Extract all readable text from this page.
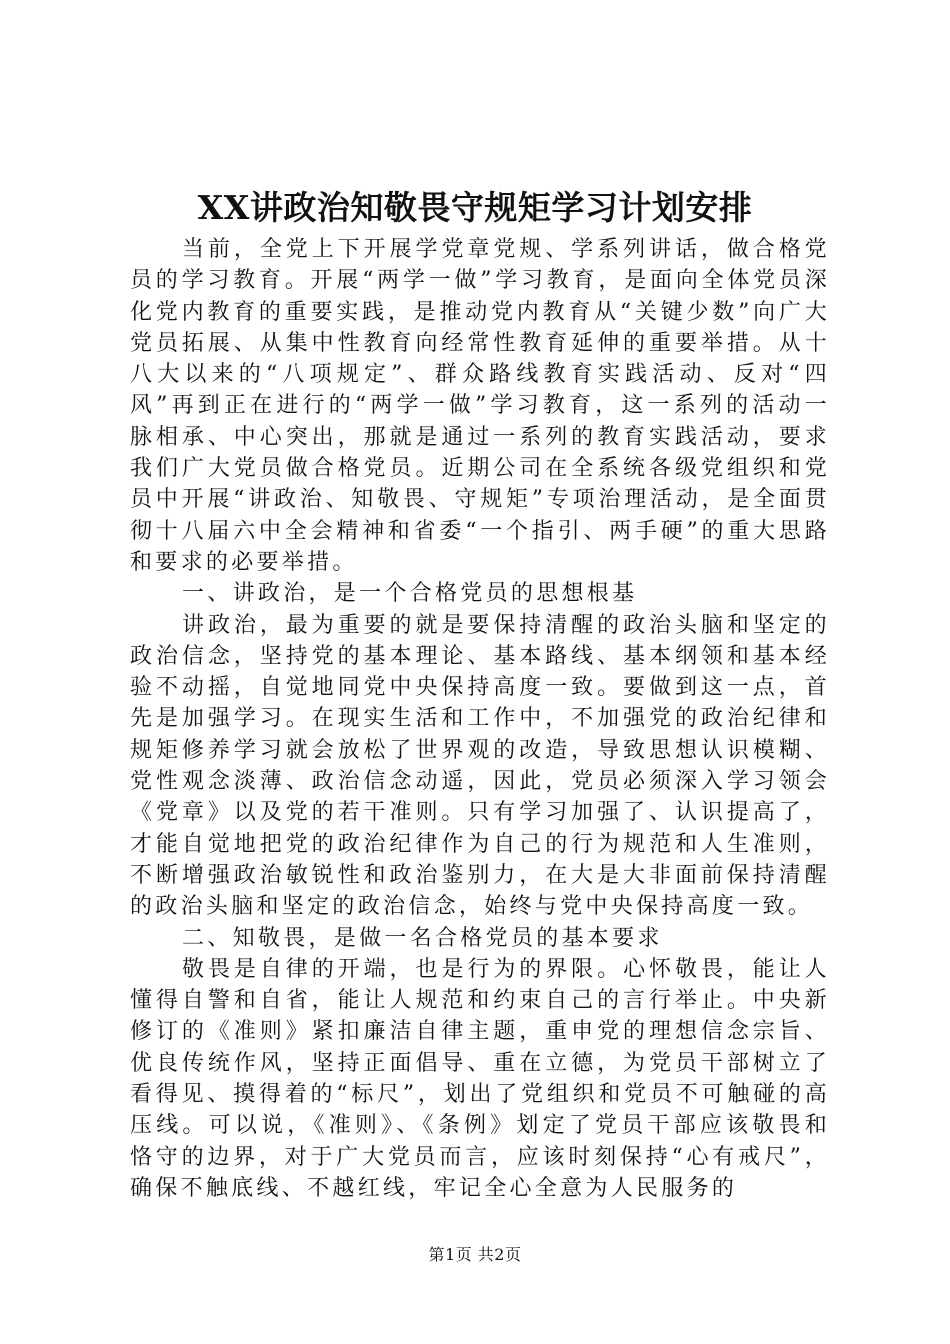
XX讲政治知敬畏守规矩学习计划安排

当前，全党上下开展学党章党规、学系列讲话，做合格党员的学习教育。开展“两学一做”学习教育，是面向全体党员深化党内教育的重要实践，是推动党内教育从“关键少数”向广大党员拓展、从集中性教育向经常性教育延伸的重要举措。从十八大以来的“八项规定”、群众路线教育实践活动、反对“四风”再到正在进行的“两学一做”学习教育，这一系列的活动一脉相承、中心突出，那就是通过一系列的教育实践活动，要求我们广大党员做合格党员。近期公司在全系统各级党组织和党员中开展“讲政治、知敬畏、守规矩”专项治理活动，是全面贯彻十八届六中全会精神和省委“一个指引、两手硬”的重大思路和要求的必要举措。

一、讲政治，是一个合格党员的思想根基

讲政治，最为重要的就是要保持清醒的政治头脑和坚定的政治信念，坚持党的基本理论、基本路线、基本纲领和基本经验不动摇，自觉地同党中央保持高度一致。要做到这一点，首先是加强学习。在现实生活和工作中，不加强党的政治纪律和规矩修养学习就会放松了世界观的改造，导致思想认识模糊、党性观念淡薄、政治信念动遥，因此，党员必须深入学习领会《党章》以及党的若干准则。只有学习加强了、认识提高了，才能自觉地把党的政治纪律作为自己的行为规范和人生准则，不断增强政治敏锐性和政治鉴别力，在大是大非面前保持清醒的政治头脑和坚定的政治信念，始终与党中央保持高度一致。

二、知敬畏，是做一名合格党员的基本要求

敬畏是自律的开端，也是行为的界限。心怀敬畏，能让人懂得自警和自省，能让人规范和约束自己的言行举止。中央新修订的《准则》紧扣廉洁自律主题，重申党的理想信念宗旨、优良传统作风，坚持正面倡导、重在立德，为党员干部树立了看得见、摸得着的“标尺”，划出了党组织和党员不可触碰的高压线。可以说，《准则》、《条例》划定了党员干部应该敬畏和恪守的边界，对于广大党员而言，应该时刻保持“心有戒尺”，确保不触底线、不越红线，牢记全心全意为人民服务的

第1页 共2页
